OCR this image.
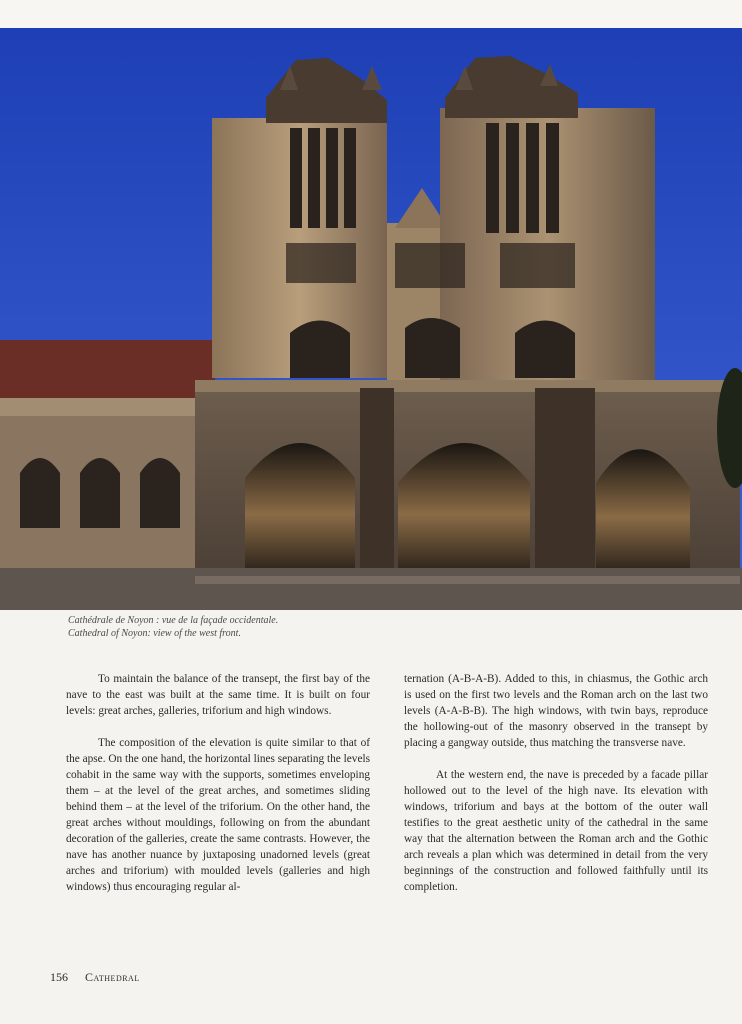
Cathédrale de Noyon : vue de la façade occidentale.
Cathedral of Noyon: view of the west front.

To maintain the balance of the transept, the first bay of the nave to the east was built at the same time. It is built on four levels: great arches, galleries, triforium and high windows.

The composition of the elevation is quite similar to that of the apse. On the one hand, the horizontal lines separating the levels cohabit in the same way with the supports, sometimes enveloping them – at the level of the great arches, and sometimes sliding behind them – at the level of the triforium. On the other hand, the great arches without mouldings, following on from the abundant decoration of the galleries, create the same contrasts. However, the nave has another nuance by juxtaposing unadorned levels (great arches and triforium) with moulded levels (galleries and high windows) thus encouraging regular al-

ternation (A-B-A-B). Added to this, in chiasmus, the Gothic arch is used on the first two levels and the Roman arch on the last two levels (A-A-B-B). The high windows, with twin bays, reproduce the hollowing-out of the masonry observed in the transept by placing a gangway outside, thus matching the transverse nave.

At the western end, the nave is preceded by a facade pillar hollowed out to the level of the high nave. Its elevation with windows, triforium and bays at the bottom of the outer wall testifies to the great aesthetic unity of the cathedral in the same way that the alternation between the Roman arch and the Gothic arch reveals a plan which was determined in detail from the very beginnings of the construction and followed faithfully until its completion.

156 Cathedral
